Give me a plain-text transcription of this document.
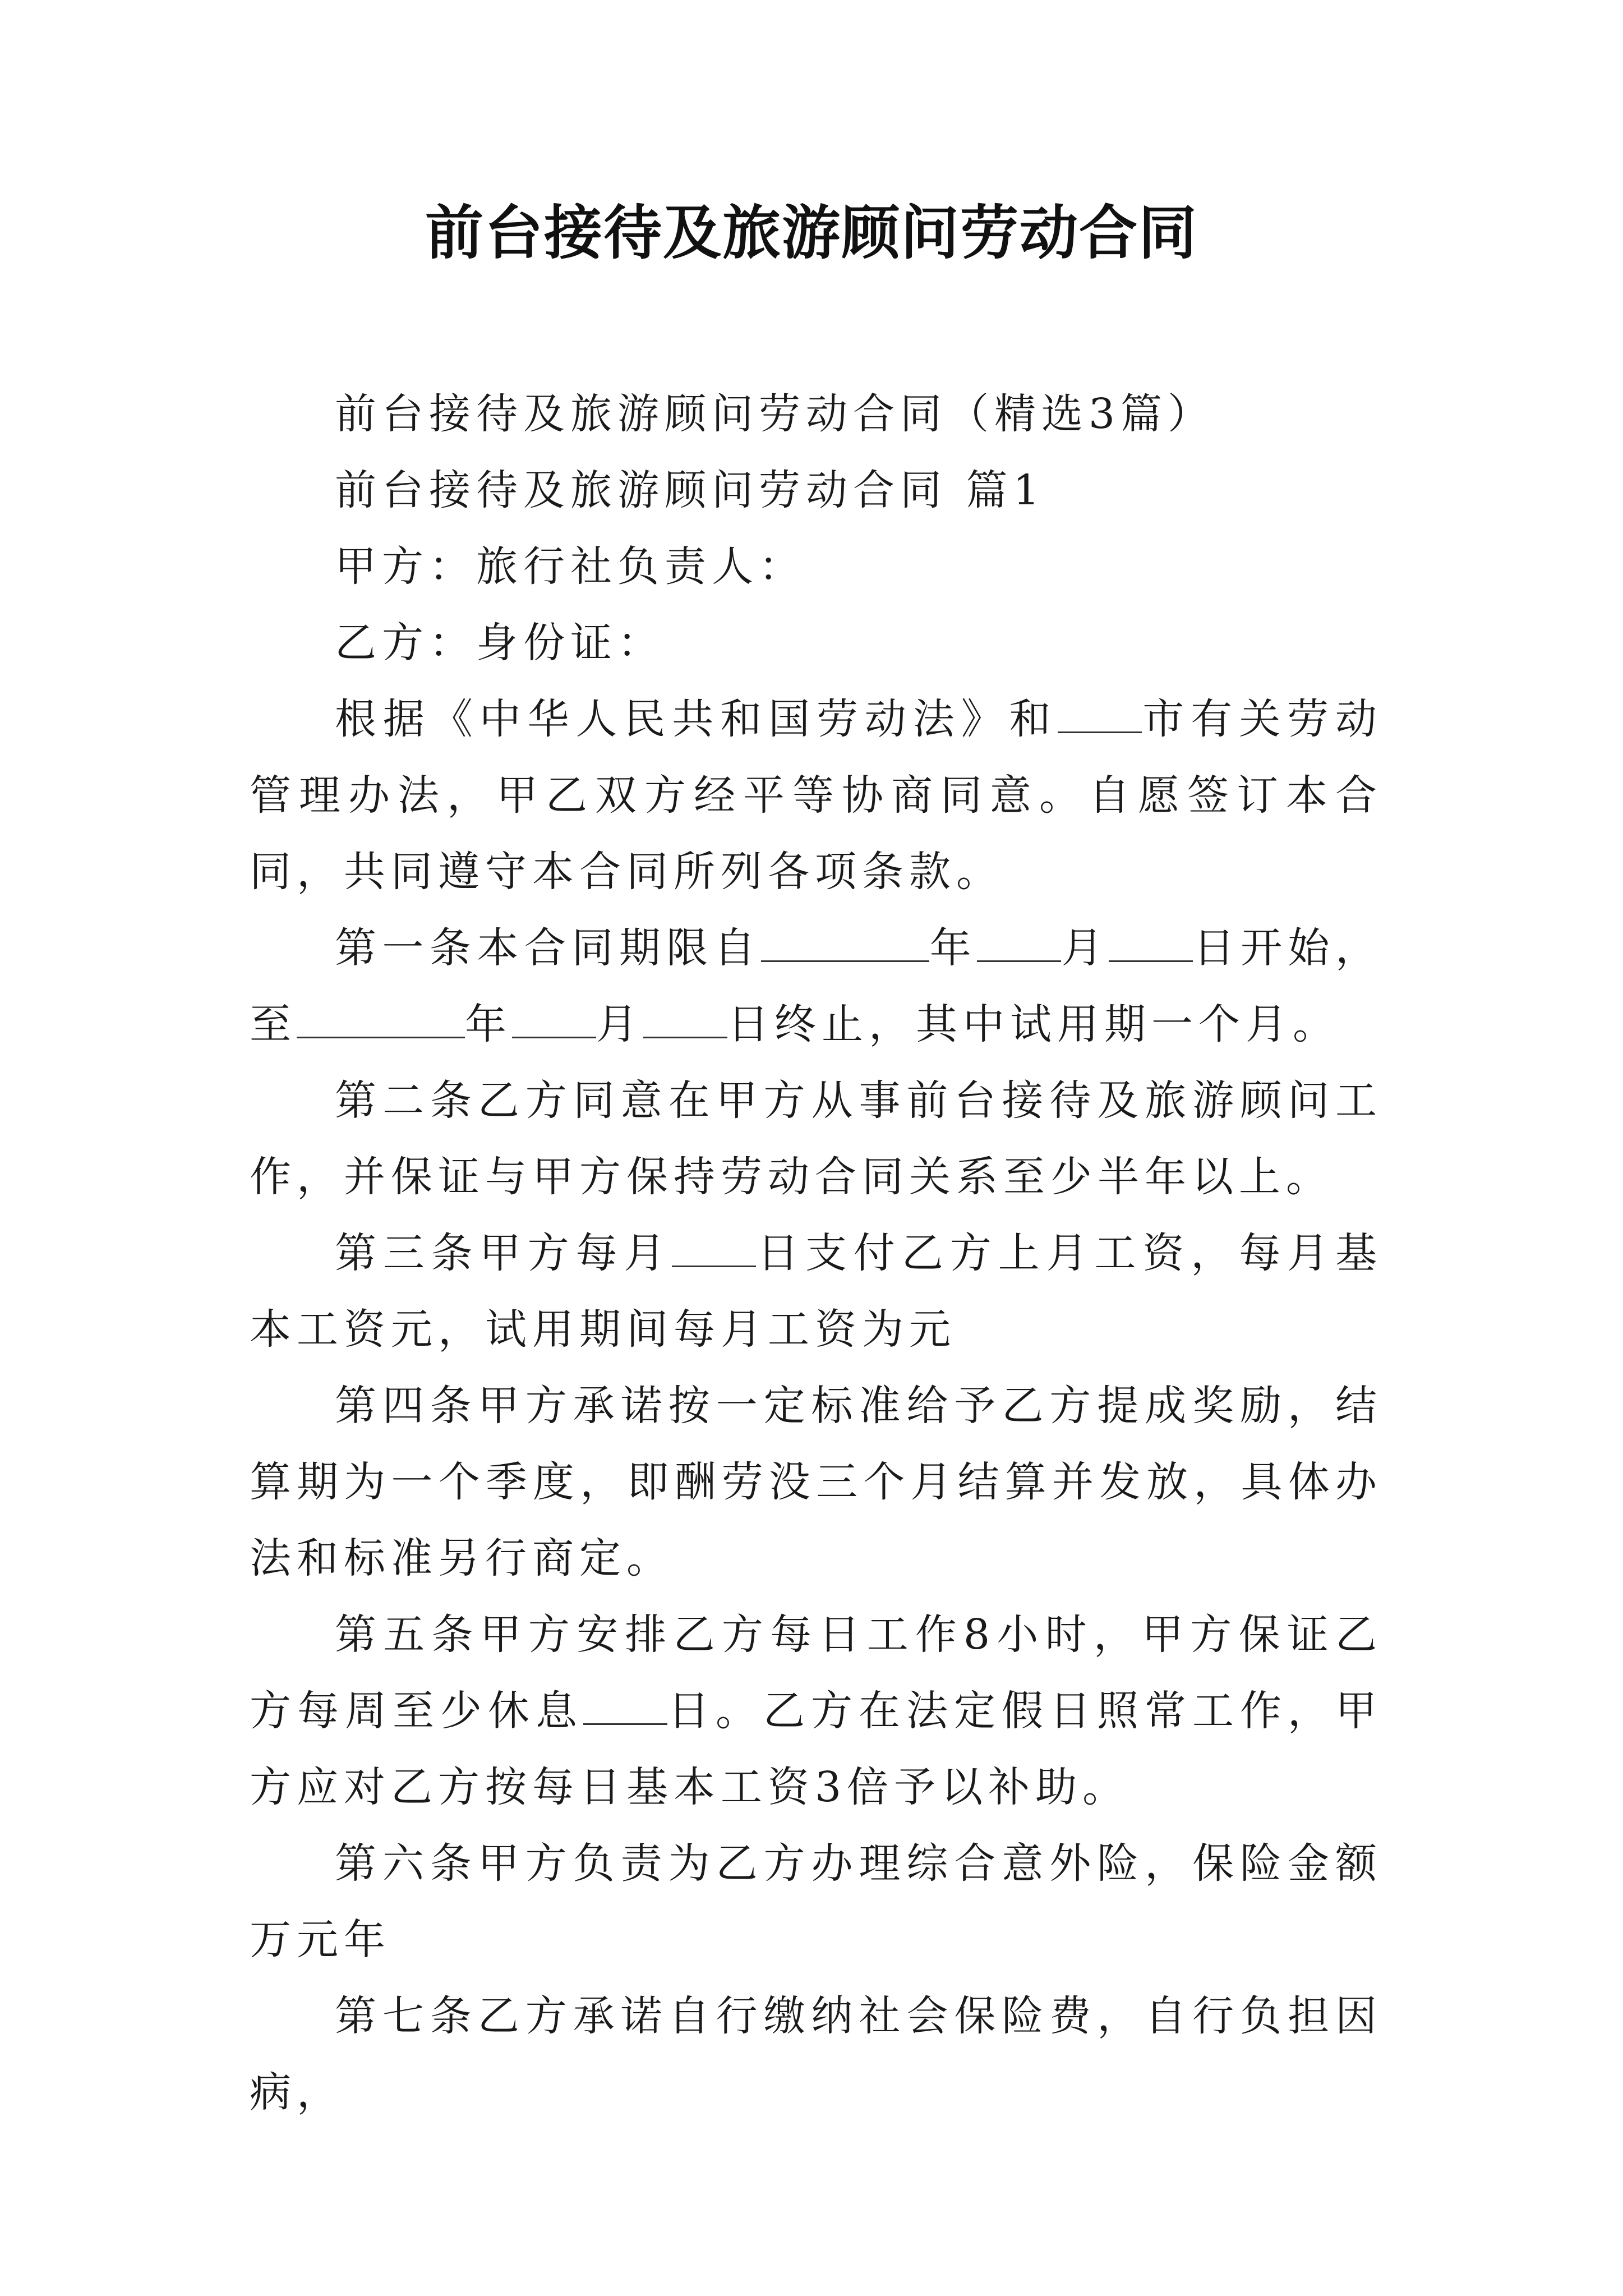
前台接待及旅游顾问劳动合同

前台接待及旅游顾问劳动合同（精选3篇）

前台接待及旅游顾问劳动合同 篇1

甲方：旅行社负责人：

乙方：身份证：

根据《中华人民共和国劳动法》和 市有关劳动管理办法，甲乙双方经平等协商同意。自愿签订本合同，共同遵守本合同所列各项条款。

第一条本合同期限自	年 月 日开始，至	年 月 日终止，其中试用期一个月。

第二条乙方同意在甲方从事前台接待及旅游顾问工作，并保证与甲方保持劳动合同关系至少半年以上。

第三条甲方每月 日支付乙方上月工资，每月基本工资元，试用期间每月工资为元

第四条甲方承诺按一定标准给予乙方提成奖励，结算期为一个季度，即酬劳没三个月结算并发放，具体办法和标准另行商定。

第五条甲方安排乙方每日工作8小时，甲方保证乙方每周至少休息 日。乙方在法定假日照常工作，甲方应对乙方按每日基本工资3倍予以补助。

第六条甲方负责为乙方办理综合意外险，保险金额万元年

第七条乙方承诺自行缴纳社会保险费，自行负担因病，
